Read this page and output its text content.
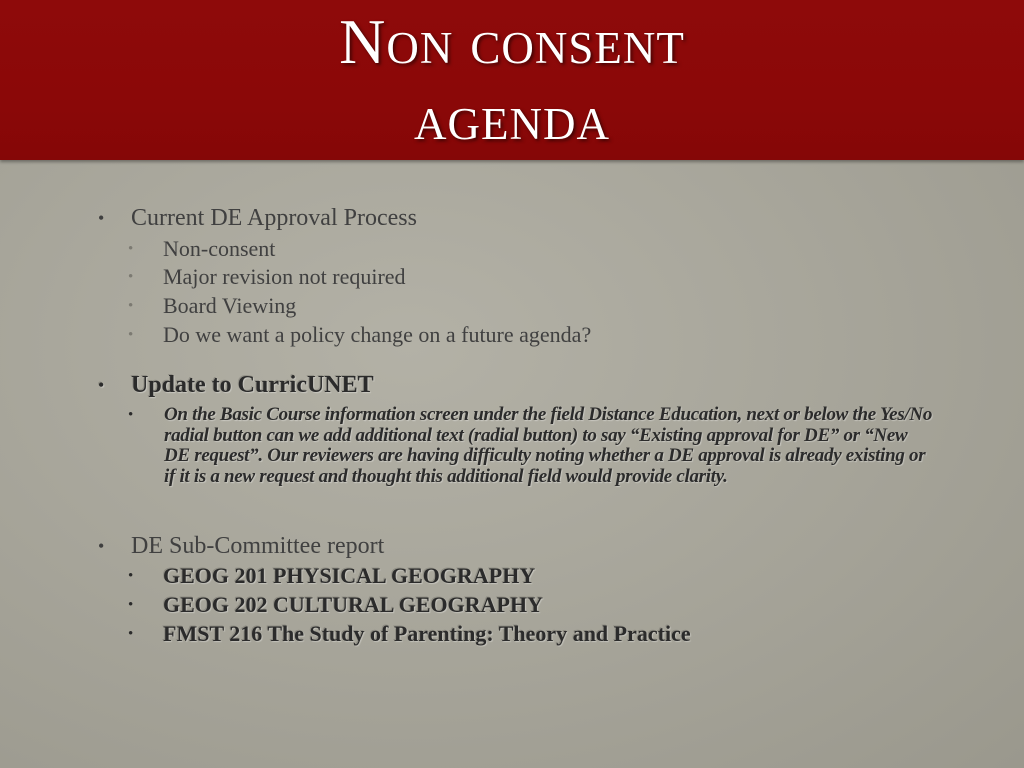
Non consent
agenda
•	Current DE Approval Process
•	Non-consent
•	Major revision not required
•	Board Viewing
•	Do we want a policy change on a future agenda?
•	Update to CurricUNET
•	On the Basic Course information screen under the field Distance Education, next or below the Yes/No radial button can we add additional text (radial button) to say “Existing approval for DE” or “New DE request”. Our reviewers are having difficulty noting whether a DE approval is already existing or if it is a new request and thought this additional field would provide clarity.
•	DE Sub-Committee report
•	GEOG 201 PHYSICAL GEOGRAPHY
•	GEOG 202 CULTURAL GEOGRAPHY
•	FMST 216 The Study of Parenting: Theory and Practice
